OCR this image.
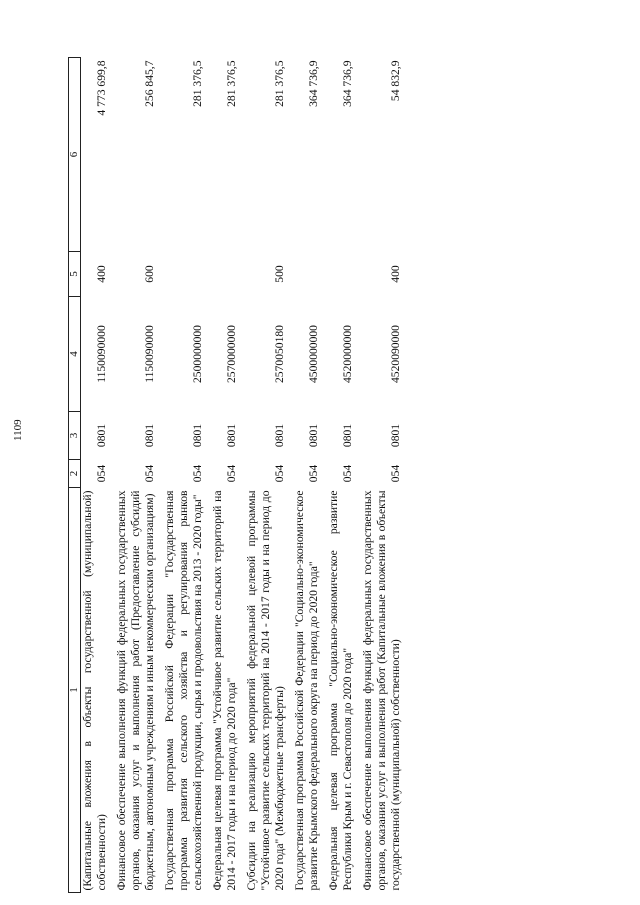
1109
1	2	3	4	5	6
(Капитальные вложения в объекты государственной (муниципальной) собственности)	054	0801	1150090000	400	4 773 699,8
Финансовое обеспечение выполнения функций федеральных государственных органов, оказания услуг и выполнения работ (Предоставление субсидий бюджетным, автономным учреждениям и иным некоммерческим организациям)	054	0801	1150090000	600	256 845,7
Государственная программа Российской Федерации "Государственная программа развития сельского хозяйства и регулирования рынков сельскохозяйственной продукции, сырья и продовольствия на 2013 - 2020 годы"	054	0801	2500000000		281 376,5
Федеральная целевая программа "Устойчивое развитие сельских территорий на 2014 - 2017 годы и на период до 2020 года"	054	0801	2570000000		281 376,5
Субсидии на реализацию мероприятий федеральной целевой программы "Устойчивое развитие сельских территорий на 2014 - 2017 годы и на период до 2020 года" (Межбюджетные трансферты)	054	0801	2570050180	500	281 376,5
Государственная программа Российской Федерации "Социально-экономическое развитие Крымского федерального округа на период до 2020 года"	054	0801	4500000000		364 736,9
Федеральная целевая программа "Социально-экономическое развитие Республики Крым и г. Севастополя до 2020 года"	054	0801	4520000000		364 736,9
Финансовое обеспечение выполнения функций федеральных государственных органов, оказания услуг и выполнения работ (Капитальные вложения в объекты государственной (муниципальной) собственности)	054	0801	4520090000	400	54 832,9
